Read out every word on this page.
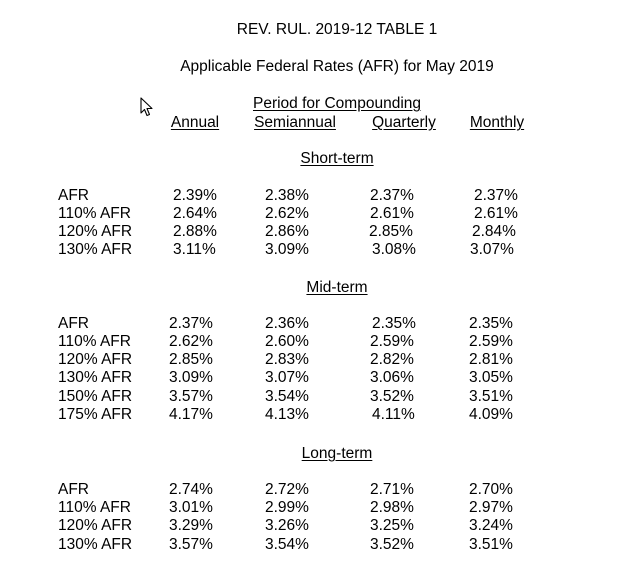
REV. RUL. 2019-12 TABLE 1
Applicable Federal Rates (AFR) for May 2019
Period for Compounding
Annual Semiannual Quarterly Monthly
Short-term
AFR	2.39%	2.38%	2.37%	2.37%
110% AFR	2.64%	2.62%	2.61%	2.61%
120% AFR	2.88%	2.86%	2.85%	2.84%
130% AFR	3.11%	3.09%	3.08%	3.07%
Mid-term
AFR	2.37%	2.36%	2.35%	2.35%
110% AFR 2.62%	2.60%	2.59%	2.59%
120% AFR 2.85%	2.83%	2.82%	2.81%
130% AFR 3.09%	3.07%	3.06%	3.05%
150% AFR 3.57%	3.54%	3.52%	3.51%
175% AFR 4.17%	4.13%	4.11%	4.09%
Long-term
AFR	2.74%	2.72%	2.71%	2.70%
110% AFR 3.01%	2.99%	2.98%	2.97%
120% AFR 3.29%	3.26%	3.25%	3.24%
130% AFR 3.57%	3.54%	3.52%	3.51%
